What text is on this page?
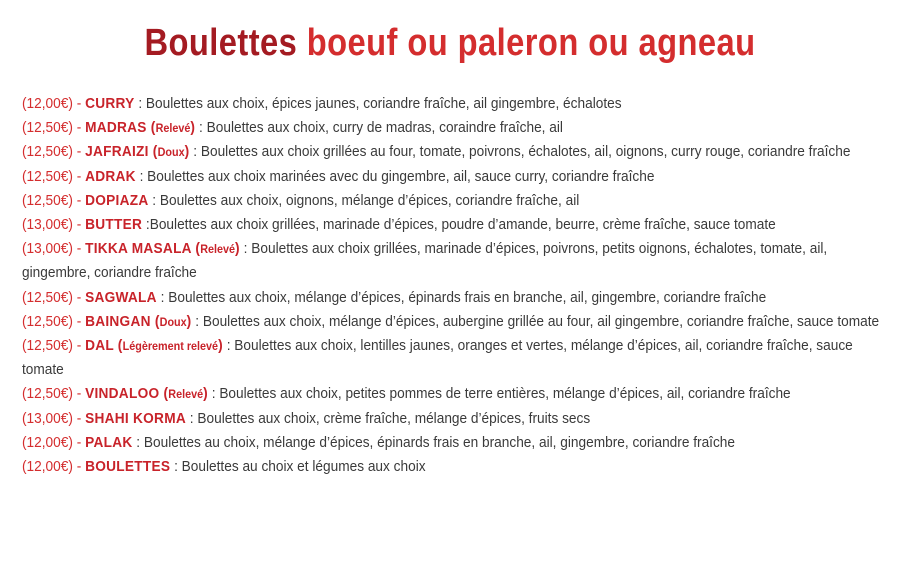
Boulettes boeuf ou paleron ou agneau
(12,00€) - CURRY : Boulettes aux choix, épices jaunes, coriandre fraîche, ail gingembre, échalotes
(12,50€) - MADRAS (Relevé) : Boulettes aux choix, curry de madras, coraindre fraîche, ail
(12,50€) - JAFRAIZI (Doux) : Boulettes aux choix grillées au four, tomate, poivrons, échalotes, ail, oignons, curry rouge, coriandre fraîche
(12,50€) - ADRAK : Boulettes aux choix marinées avec du gingembre, ail, sauce curry, coriandre fraîche
(12,50€) - DOPIAZA : Boulettes aux choix, oignons, mélange d’épices, coriandre fraîche, ail
(13,00€) - BUTTER :Boulettes aux choix grillées, marinade d’épices, poudre d’amande, beurre, crème fraîche, sauce tomate
(13,00€) - TIKKA MASALA (Relevé) : Boulettes aux choix grillées, marinade d’épices, poivrons, petits oignons, échalotes, tomate, ail, gingembre, coriandre fraîche
(12,50€) - SAGWALA : Boulettes aux choix, mélange d’épices, épinards frais en branche, ail, gingembre, coriandre fraîche
(12,50€) - BAINGAN (Doux) : Boulettes aux choix, mélange d’épices, aubergine grillée au four, ail gingembre, coriandre fraîche, sauce tomate
(12,50€) - DAL (Légèrement relevé) : Boulettes aux choix, lentilles jaunes, oranges et vertes, mélange d’épices, ail, coriandre fraîche, sauce tomate
(12,50€) - VINDALOO (Relevé) : Boulettes aux choix, petites pommes de terre entières, mélange d’épices, ail, coriandre fraîche
(13,00€) - SHAHI KORMA : Boulettes aux choix, crème fraîche, mélange d’épices, fruits secs
(12,00€) - PALAK : Boulettes au choix, mélange d’épices, épinards frais en branche, ail, gingembre, coriandre fraîche
(12,00€) - BOULETTES : Boulettes au choix et légumes aux choix
